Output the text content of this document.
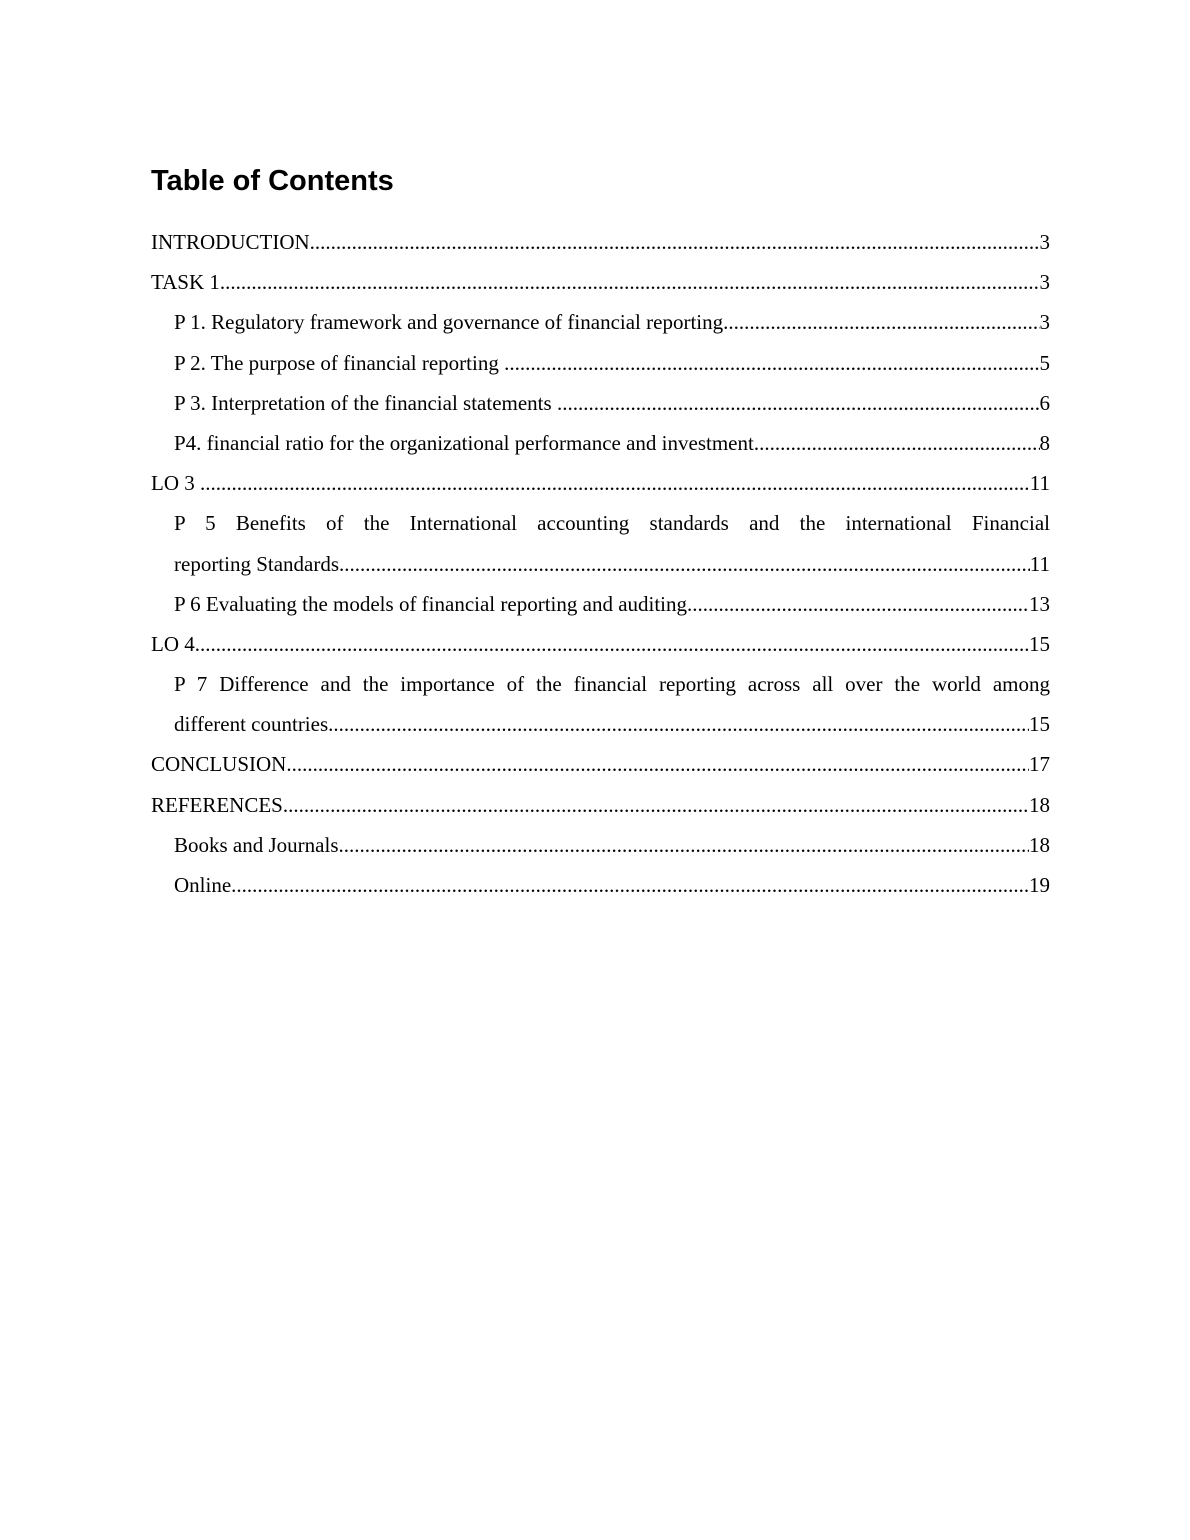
Table of Contents
INTRODUCTION .....	3
TASK 1 .....	3
P 1. Regulatory framework and governance of financial reporting .....	3
P 2. The purpose of financial reporting .....	5
P 3. Interpretation of the financial statements .....	6
P4. financial ratio for the organizational performance and investment .....	8
LO 3 .....	11
P 5 Benefits of the International accounting standards and the international Financial
reporting Standards .....	11
P 6 Evaluating the models of financial reporting and auditing .....	13
LO 4 .....	15
P 7 Difference and the importance of the financial reporting across all over the world among
different countries .....	15
CONCLUSION .....	17
REFERENCES .....	18
Books and Journals .....	18
Online .....	19
